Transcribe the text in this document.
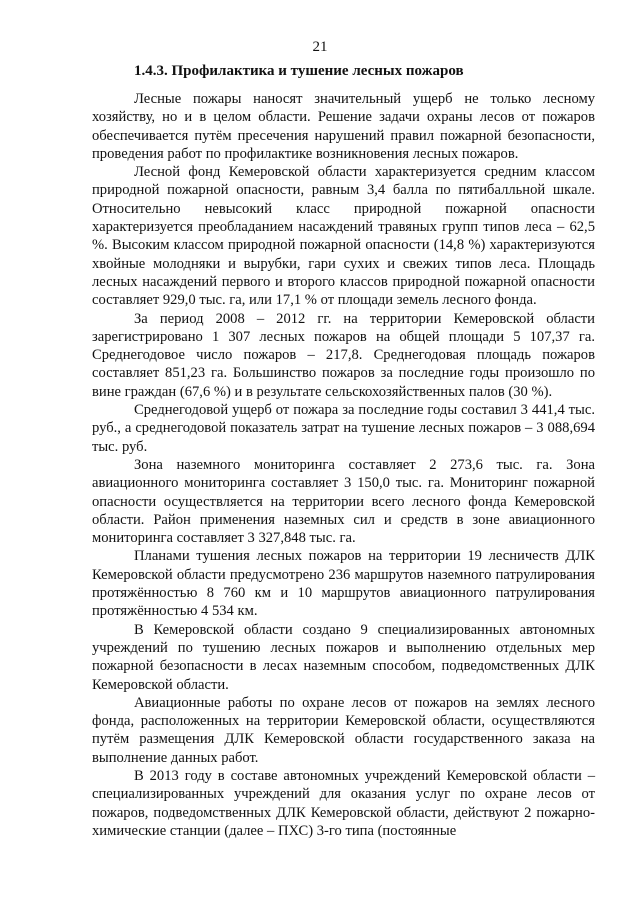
21
1.4.3. Профилактика и тушение лесных пожаров

Лесные пожары наносят значительный ущерб не только лесному хозяйству, но и в целом области. Решение задачи охраны лесов от пожаров обеспечивается путём пресечения нарушений правил пожарной безопасности, проведения работ по профилактике возникновения лесных пожаров.

Лесной фонд Кемеровской области характеризуется средним классом природной пожарной опасности, равным 3,4 балла по пятибалльной шкале. Относительно невысокий класс природной пожарной опасности характеризуется преобладанием насаждений травяных групп типов леса – 62,5 %. Высоким классом природной пожарной опасности (14,8 %) характеризуются хвойные молодняки и вырубки, гари сухих и свежих типов леса. Площадь лесных насаждений первого и второго классов природной пожарной опасности составляет 929,0 тыс. га, или 17,1 % от площади земель лесного фонда.

За период 2008 – 2012 гг. на территории Кемеровской области зарегистрировано 1 307 лесных пожаров на общей площади 5 107,37 га. Среднегодовое число пожаров – 217,8. Среднегодовая площадь пожаров составляет 851,23 га. Большинство пожаров за последние годы произошло по вине граждан (67,6 %) и в результате сельскохозяйственных палов (30 %).

Среднегодовой ущерб от пожара за последние годы составил 3 441,4 тыс. руб., а среднегодовой показатель затрат на тушение лесных пожаров – 3 088,694 тыс. руб.

Зона наземного мониторинга составляет 2 273,6 тыс. га. Зона авиационного мониторинга составляет 3 150,0 тыс. га. Мониторинг пожарной опасности осуществляется на территории всего лесного фонда Кемеровской области. Район применения наземных сил и средств в зоне авиационного мониторинга составляет 3 327,848 тыс. га.

Планами тушения лесных пожаров на территории 19 лесничеств ДЛК Кемеровской области предусмотрено 236 маршрутов наземного патрулирования протяжённостью 8 760 км и 10 маршрутов авиационного патрулирования протяжённостью 4 534 км.

В Кемеровской области создано 9 специализированных автономных учреждений по тушению лесных пожаров и выполнению отдельных мер пожарной безопасности в лесах наземным способом, подведомственных ДЛК Кемеровской области.

Авиационные работы по охране лесов от пожаров на землях лесного фонда, расположенных на территории Кемеровской области, осуществляются путём размещения ДЛК Кемеровской области государственного заказа на выполнение данных работ.

В 2013 году в составе автономных учреждений Кемеровской области – специализированных учреждений для оказания услуг по охране лесов от пожаров, подведомственных ДЛК Кемеровской области, действуют 2 пожарно-химические станции (далее – ПХС) 3-го типа (постоянные
